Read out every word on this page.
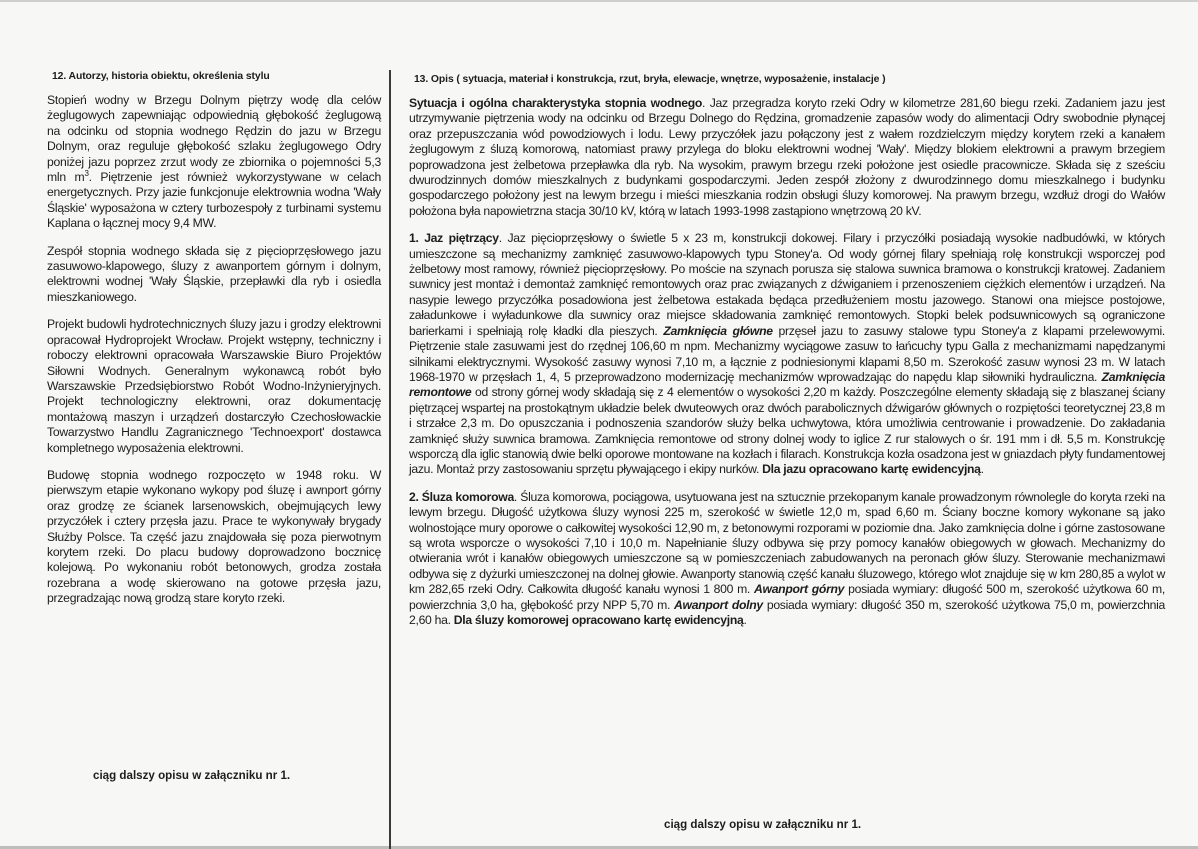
12. Autorzy, historia obiektu, określenia stylu

Stopień wodny w Brzegu Dolnym piętrzy wodę dla celów żeglugowych zapewniając odpowiednią głębokość żeglugową na odcinku od stopnia wodnego Rędzin do jazu w Brzegu Dolnym, oraz reguluje głębokość szlaku żeglugowego Odry poniżej jazu poprzez zrzut wody ze zbiornika o pojemności 5,3 mln $m^3$. Piętrzenie jest również wykorzystywane w celach energetycznych. Przy jazie funkcjonuje elektrownia wodna 'Wały Śląskie' wyposażona w cztery turbozespoły z turbinami systemu Kaplana o łącznej mocy 9,4 MW.

Zespół stopnia wodnego składa się z pięcioprzęsłowego jazu zasuwowo-klapowego, śluzy z awanportem górnym i dolnym, elektrowni wodnej 'Wały Śląskie, przepławki dla ryb i osiedla mieszkaniowego.

Projekt budowli hydrotechnicznych śluzy jazu i grodzy elektrowni opracował Hydroprojekt Wrocław. Projekt wstępny, techniczny i roboczy elektrowni opracowała Warszawskie Biuro Projektów Siłowni Wodnych. Generalnym wykonawcą robót było Warszawskie Przedsiębiorstwo Robót Wodno-Inżynieryjnych. Projekt technologiczny elektrowni, oraz dokumentację montażową maszyn i urządzeń dostarczyło Czechosłowackie Towarzystwo Handlu Zagranicznego 'Technoexport' dostawca kompletnego wyposażenia elektrowni.

Budowę stopnia wodnego rozpoczęto w 1948 roku. W pierwszym etapie wykonano wykopy pod śluzę i awnport górny oraz grodzę ze ścianek larsenowskich, obejmujących lewy przyczółek i cztery przęsła jazu. Prace te wykonywały brygady Służby Polsce. Ta część jazu znajdowała się poza pierwotnym korytem rzeki. Do placu budowy doprowadzono bocznicę kolejową. Po wykonaniu robót betonowych, grodza została rozebrana a wodę skierowano na gotowe przęsła jazu, przegradzając nową grodzą stare koryto rzeki.

ciąg dalszy opisu w załączniku nr 1.
13. Opis ( sytuacja, materiał i konstrukcja, rzut, bryła, elewacje, wnętrze, wyposażenie, instalacje )

Sytuacja i ogólna charakterystyka stopnia wodnego. Jaz przegradza koryto rzeki Odry w kilometrze 281,60 biegu rzeki. Zadaniem jazu jest utrzymywanie piętrzenia wody na odcinku od Brzegu Dolnego do Rędzina, gromadzenie zapasów wody do alimentacji Odry swobodnie płynącej oraz przepuszczania wód powodziowych i lodu. Lewy przyczółek jazu połączony jest z wałem rozdzielczym między korytem rzeki a kanałem żeglugowym z śluzą komorową, natomiast prawy przylega do bloku elektrowni wodnej 'Wały'. Między blokiem elektrowni a prawym brzegiem poprowadzona jest żelbetowa przepławka dla ryb. Na wysokim, prawym brzegu rzeki położone jest osiedle pracownicze. Składa się z sześciu dwurodzinnych domów mieszkalnych z budynkami gospodarczymi. Jeden zespół złożony z dwurodzinnego domu mieszkalnego i budynku gospodarczego położony jest na lewym brzegu i mieści mieszkania rodzin obsługi śluzy komorowej. Na prawym brzegu, wzdłuż drogi do Wałów położona była napowietrzna stacja 30/10 kV, którą w latach 1993-1998 zastąpiono wnętrzową 20 kV.

1. Jaz piętrzący. Jaz pięcioprzęsłowy o świetle 5 x 23 m, konstrukcji dokowej. Filary i przyczółki posiadają wysokie nadbudówki, w których umieszczone są mechanizmy zamknięć zasuwowo-klapowych typu Stoney'a. Od wody górnej filary spełniają rolę konstrukcji wsporczej pod żelbetowy most ramowy, również pięcioprzęsłowy. Po moście na szynach porusza się stalowa suwnica bramowa o konstrukcji kratowej. Zadaniem suwnicy jest montaż i demontaż zamknięć remontowych oraz prac związanych z dźwiganiem i przenoszeniem ciężkich elementów i urządzeń. Na nasypie lewego przyczółka posadowiona jest żelbetowa estakada będąca przedłużeniem mostu jazowego. Stanowi ona miejsce postojowe, załadunkowe i wyładunkowe dla suwnicy oraz miejsce składowania zamknięć remontowych. Stopki belek podsuwnicowych są ograniczone barierkami i spełniają rolę kładki dla pieszych. Zamknięcia główne przęseł jazu to zasuwy stalowe typu Stoney'a z klapami przelewowymi. Piętrzenie stale zasuwami jest do rzędnej 106,60 m npm. Mechanizmy wyciągowe zasuw to łańcuchy typu Galla z mechanizmami napędzanymi silnikami elektrycznymi. Wysokość zasuwy wynosi 7,10 m, a łącznie z podniesionymi klapami 8,50 m. Szerokość zasuw wynosi 23 m. W latach 1968-1970 w przęsłach 1, 4, 5 przeprowadzono modernizację mechanizmów wprowadzając do napędu klap siłowniki hydrauliczna. Zamknięcia remontowe od strony górnej wody składają się z 4 elementów o wysokości 2,20 m każdy. Poszczególne elementy składają się z blaszanej ściany piętrzącej wspartej na prostokątnym układzie belek dwuteowych oraz dwóch parabolicznych dźwigarów głównych o rozpiętości teoretycznej 23,8 m i strzałce 2,3 m. Do opuszczania i podnoszenia szandorów służy belka uchwytowa, która umożliwia centrowanie i prowadzenie. Do zakładania zamknięć służy suwnica bramowa. Zamknięcia remontowe od strony dolnej wody to iglice Z rur stalowych o śr. 191 mm i dł. 5,5 m. Konstrukcję wsporczą dla iglic stanowią dwie belki oporowe montowane na kozłach i filarach. Konstrukcja kozła osadzona jest w gniazdach płyty fundamentowej jazu. Montaż przy zastosowaniu sprzętu pływającego i ekipy nurków. Dla jazu opracowano kartę ewidencyjną.

2. Śluza komorowa. Śluza komorowa, pociągowa, usytuowana jest na sztucznie przekopanym kanale prowadzonym równolegle do koryta rzeki na lewym brzegu. Długość użytkowa śluzy wynosi 225 m, szerokość w świetle 12,0 m, spad 6,60 m. Ściany boczne komory wykonane są jako wolnostojące mury oporowe o całkowitej wysokości 12,90 m, z betonowymi rozporami w poziomie dna. Jako zamknięcia dolne i górne zastosowane są wrota wsporcze o wysokości 7,10 i 10,0 m. Napełnianie śluzy odbywa się przy pomocy kanałów obiegowych w głowach. Mechanizmy do otwierania wrót i kanałów obiegowych umieszczone są w pomieszczeniach zabudowanych na peronach głów śluzy. Sterowanie mechanizmawi odbywa się z dyżurki umieszczonej na dolnej głowie. Awanporty stanowią część kanału śluzowego, którego wlot znajduje się w km 280,85 a wylot w km 282,65 rzeki Odry. Całkowita długość kanału wynosi 1 800 m. Awanport górny posiada wymiary: długość 500 m, szerokość użytkowa 60 m, powierzchnia 3,0 ha, głębokość przy NPP 5,70 m. Awanport dolny posiada wymiary: długość 350 m, szerokość użytkowa 75,0 m, powierzchnia 2,60 ha. Dla śluzy komorowej opracowano kartę ewidencyjną.

ciąg dalszy opisu w załączniku nr 1.
